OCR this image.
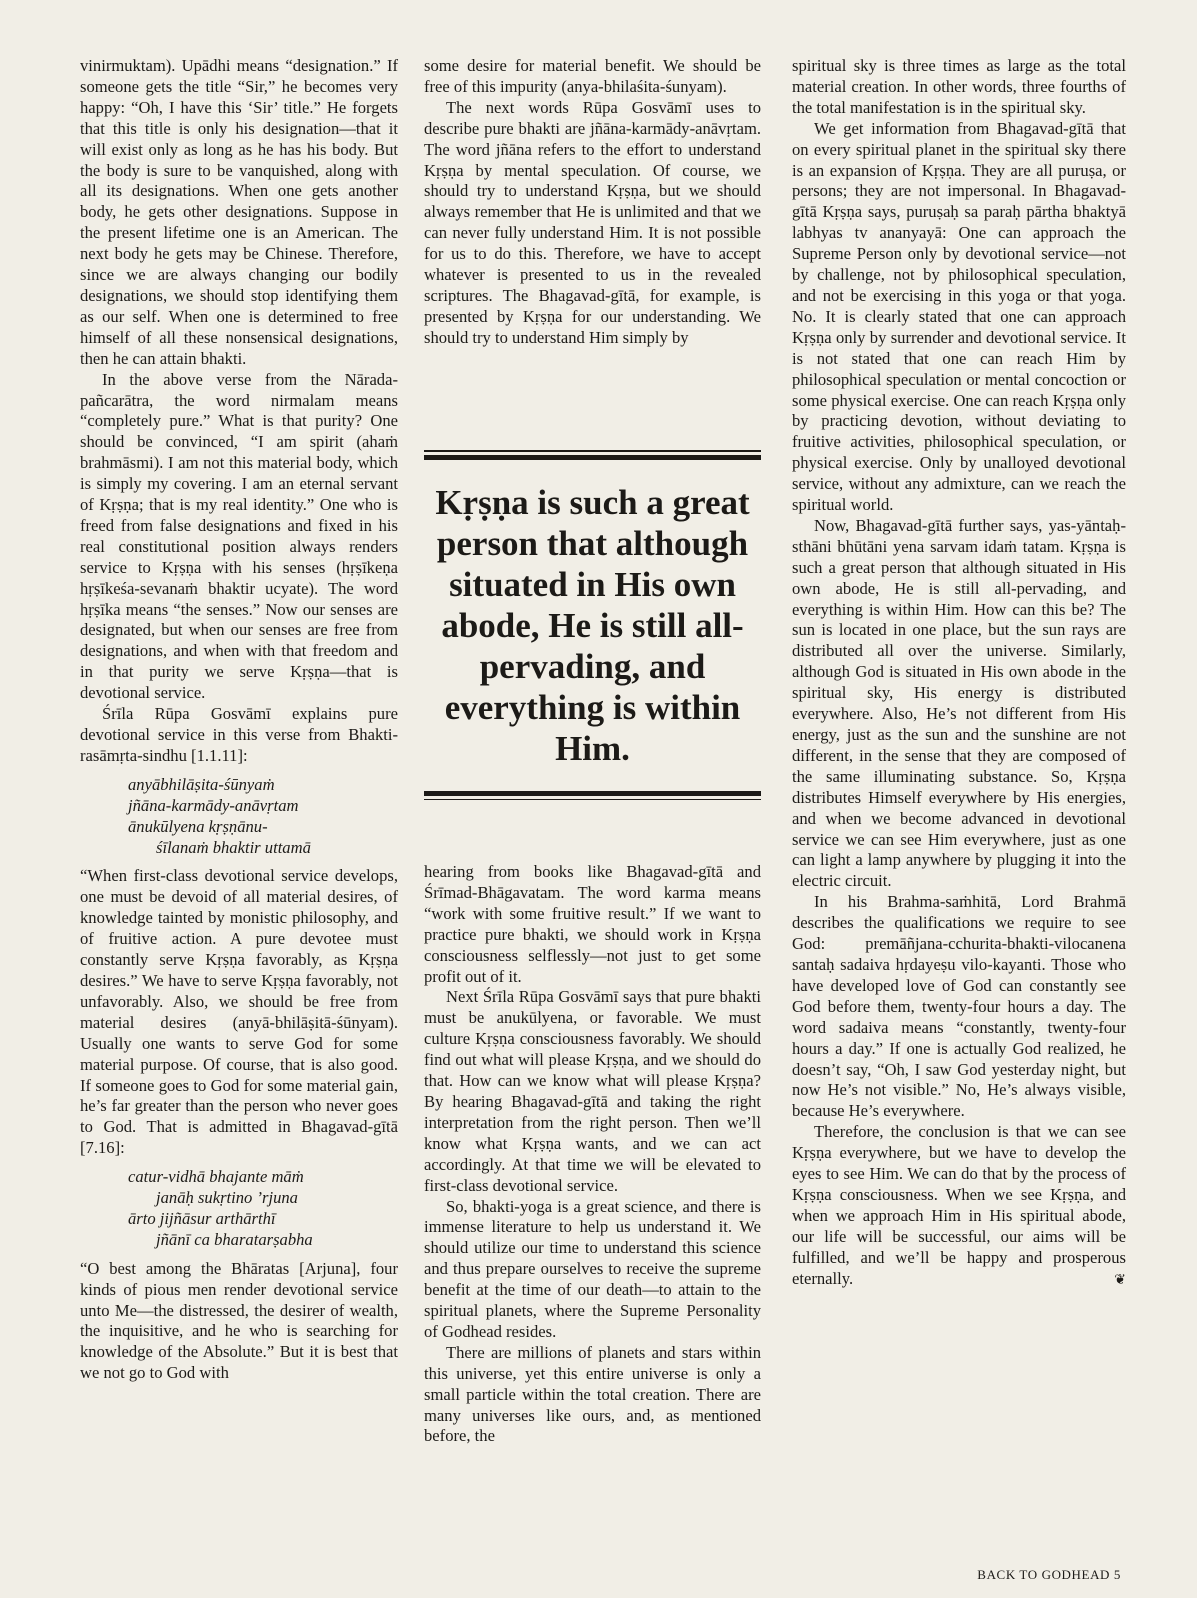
vinirmuktam). Upādhi means “designation.” If someone gets the title “Sir,” he becomes very happy: “Oh, I have this ‘Sir’ title.” He forgets that this title is only his designation—that it will exist only as long as he has his body. But the body is sure to be vanquished, along with all its designations. When one gets another body, he gets other designations. Suppose in the present lifetime one is an American. The next body he gets may be Chinese. Therefore, since we are always changing our bodily designations, we should stop identifying them as our self. When one is determined to free himself of all these nonsensical designations, then he can attain bhakti.

In the above verse from the Nārada-pañcarātra, the word nirmalam means “completely pure.” What is that purity? One should be convinced, “I am spirit (ahaṁ brahmāsmi). I am not this material body, which is simply my covering. I am an eternal servant of Kṛṣṇa; that is my real identity.” One who is freed from false designations and fixed in his real constitutional position always renders service to Kṛṣṇa with his senses (hṛṣīkeṇa hṛṣīkeśa-sevanaṁ bhaktir ucyate). The word hṛṣīka means “the senses.” Now our senses are designated, but when our senses are free from designations, and when with that freedom and in that purity we serve Kṛṣṇa—that is devotional service.

Śrīla Rūpa Gosvāmī explains pure devotional service in this verse from Bhakti-rasāmṛta-sindhu [1.1.11]:

anyābhilāṣita-śūnyaṁ
jñāna-karmādy-anāvṛtam
ānukūlyena kṛṣṇānu-
śīlanaṁ bhaktir uttamā

“When first-class devotional service develops, one must be devoid of all material desires, of knowledge tainted by monistic philosophy, and of fruitive action. A pure devotee must constantly serve Kṛṣṇa favorably, as Kṛṣṇa desires.” We have to serve Kṛṣṇa favorably, not unfavorably. Also, we should be free from material desires (anyā-bhilāṣitā-śūnyam). Usually one wants to serve God for some material purpose. Of course, that is also good. If someone goes to God for some material gain, he’s far greater than the person who never goes to God. That is admitted in Bhagavad-gītā [7.16]:

catur-vidhā bhajante māṁ
janāḥ sukṛtino ’rjuna
ārto jijñāsur arthārthī
jñānī ca bharatarṣabha

“O best among the Bhāratas [Arjuna], four kinds of pious men render devotional service unto Me—the distressed, the desirer of wealth, the inquisitive, and he who is searching for knowledge of the Absolute.” But it is best that we not go to God with

some desire for material benefit. We should be free of this impurity (anya-bhilaśita-śunyam).

The next words Rūpa Gosvāmī uses to describe pure bhakti are jñāna-karmādy-anāvṛtam. The word jñāna refers to the effort to understand Kṛṣṇa by mental speculation. Of course, we should try to understand Kṛṣṇa, but we should always remember that He is unlimited and that we can never fully understand Him. It is not possible for us to do this. Therefore, we have to accept whatever is presented to us in the revealed scriptures. The Bhagavad-gītā, for example, is presented by Kṛṣṇa for our understanding. We should try to understand Him simply by

Kṛṣṇa is such a great person that although situated in His own abode, He is still all-pervading, and everything is within Him.

hearing from books like Bhagavad-gītā and Śrīmad-Bhāgavatam. The word karma means “work with some fruitive result.” If we want to practice pure bhakti, we should work in Kṛṣṇa consciousness selflessly—not just to get some profit out of it.

Next Śrīla Rūpa Gosvāmī says that pure bhakti must be anukūlyena, or favorable. We must culture Kṛṣṇa consciousness favorably. We should find out what will please Kṛṣṇa, and we should do that. How can we know what will please Kṛṣṇa? By hearing Bhagavad-gītā and taking the right interpretation from the right person. Then we’ll know what Kṛṣṇa wants, and we can act accordingly. At that time we will be elevated to first-class devotional service.

So, bhakti-yoga is a great science, and there is immense literature to help us understand it. We should utilize our time to understand this science and thus prepare ourselves to receive the supreme benefit at the time of our death—to attain to the spiritual planets, where the Supreme Personality of Godhead resides.

There are millions of planets and stars within this universe, yet this entire universe is only a small particle within the total creation. There are many universes like ours, and, as mentioned before, the

spiritual sky is three times as large as the total material creation. In other words, three fourths of the total manifestation is in the spiritual sky.

We get information from Bhagavad-gītā that on every spiritual planet in the spiritual sky there is an expansion of Kṛṣṇa. They are all puruṣa, or persons; they are not impersonal. In Bhagavad-gītā Kṛṣṇa says, puruṣaḥ sa paraḥ pārtha bhaktyā labhyas tv ananyayā: One can approach the Supreme Person only by devotional service—not by challenge, not by philosophical speculation, and not be exercising in this yoga or that yoga. No. It is clearly stated that one can approach Kṛṣṇa only by surrender and devotional service. It is not stated that one can reach Him by philosophical speculation or mental concoction or some physical exercise. One can reach Kṛṣṇa only by practicing devotion, without deviating to fruitive activities, philosophical speculation, or physical exercise. Only by unalloyed devotional service, without any admixture, can we reach the spiritual world.

Now, Bhagavad-gītā further says, yas-yāntaḥ-sthāni bhūtāni yena sarvam idaṁ tatam. Kṛṣṇa is such a great person that although situated in His own abode, He is still all-pervading, and everything is within Him. How can this be? The sun is located in one place, but the sun rays are distributed all over the universe. Similarly, although God is situated in His own abode in the spiritual sky, His energy is distributed everywhere. Also, He’s not different from His energy, just as the sun and the sunshine are not different, in the sense that they are composed of the same illuminating substance. So, Kṛṣṇa distributes Himself everywhere by His energies, and when we become advanced in devotional service we can see Him everywhere, just as one can light a lamp anywhere by plugging it into the electric circuit.

In his Brahma-saṁhitā, Lord Brahmā describes the qualifications we require to see God: premāñjana-cchurita-bhakti-vilocanena santaḥ sadaiva hṛdayeṣu vilo-kayanti. Those who have developed love of God can constantly see God before them, twenty-four hours a day. The word sadaiva means “constantly, twenty-four hours a day.” If one is actually God realized, he doesn’t say, “Oh, I saw God yesterday night, but now He’s not visible.” No, He’s always visible, because He’s everywhere.

Therefore, the conclusion is that we can see Kṛṣṇa everywhere, but we have to develop the eyes to see Him. We can do that by the process of Kṛṣṇa consciousness. When we see Kṛṣṇa, and when we approach Him in His spiritual abode, our life will be successful, our aims will be fulfilled, and we’ll be happy and prosperous eternally.	❦

BACK TO GODHEAD 5
